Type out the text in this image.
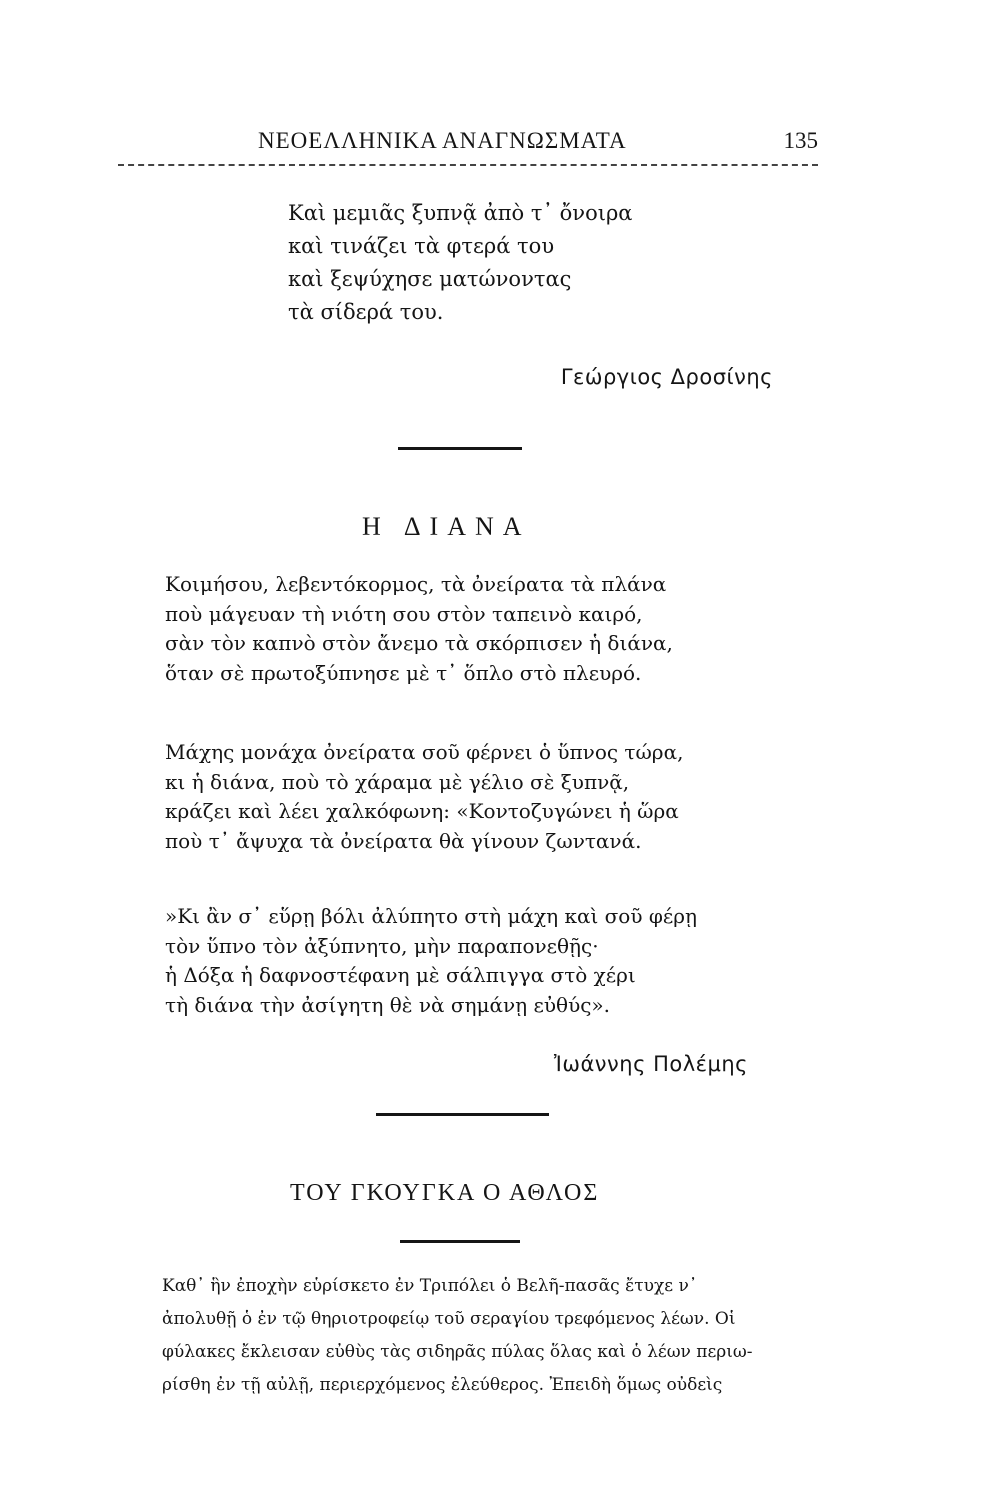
ΝΕΟΕΛΛΗΝΙΚΑ ΑΝΑΓΝΩΣΜΑΤΑ	135

Καὶ μεμιᾶς ξυπνᾷ ἀπὸ τ᾿ ὄνοιρα
καὶ τινάζει τὰ φτερά του
καὶ ξεψύχησε ματώνοντας
τὰ σίδερά του.

Γεώργιος Δροσίνης
Η ΔΙΑΝΑ

Κοιμήσου, λεβεντόκορμος, τὰ ὀνείρατα τὰ πλάνα
ποὺ μάγευαν τὴ νιότη σου στὸν ταπεινὸ καιρό,
σὰν τὸν καπνὸ στὸν ἄνεμο τὰ σκόρπισεν ἡ διάνα,
ὅταν σὲ πρωτοξύπνησε μὲ τ᾿ ὅπλο στὸ πλευρό.

Μάχης μονάχα ὀνείρατα σοῦ φέρνει ὁ ὕπνος τώρα,
κι ἡ διάνα, ποὺ τὸ χάραμα μὲ γέλιο σὲ ξυπνᾷ,
κράζει καὶ λέει χαλκόφωνη: «Κοντοζυγώνει ἡ ὥρα
ποὺ τ᾿ ἄψυχα τὰ ὀνείρατα θὰ γίνουν ζωντανά.

»Κι ἂν σ᾿ εὕρῃ βόλι ἀλύπητο στὴ μάχη καὶ σοῦ φέρῃ
τὸν ὕπνο τὸν ἀξύπνητο, μὴν παραπονεθῇς·
ἡ Δόξα ἡ δαφνοστέφανη μὲ σάλπιγγα στὸ χέρι
τὴ διάνα τὴν ἀσίγητη θὲ νὰ σημάνῃ εὐθύς».

Ἰωάννης Πολέμης
ΤΟΥ ΓΚΟΥΓΚΑ Ο ΑΘΛΟΣ

Καθ᾿ ἣν ἐποχὴν εὑρίσκετο ἐν Τριπόλει ὁ Βελῆ-πασᾶς ἔτυχε ν᾿
ἀπολυθῇ ὁ ἐν τῷ θηριοτροφείῳ τοῦ σεραγίου τρεφόμενος λέων. Οἱ
φύλακες ἔκλεισαν εὐθὺς τὰς σιδηρᾶς πύλας ὅλας καὶ ὁ λέων περιω-
ρίσθη ἐν τῇ αὐλῇ, περιερχόμενος ἐλεύθερος. Ἐπειδὴ ὅμως οὐδεὶς
